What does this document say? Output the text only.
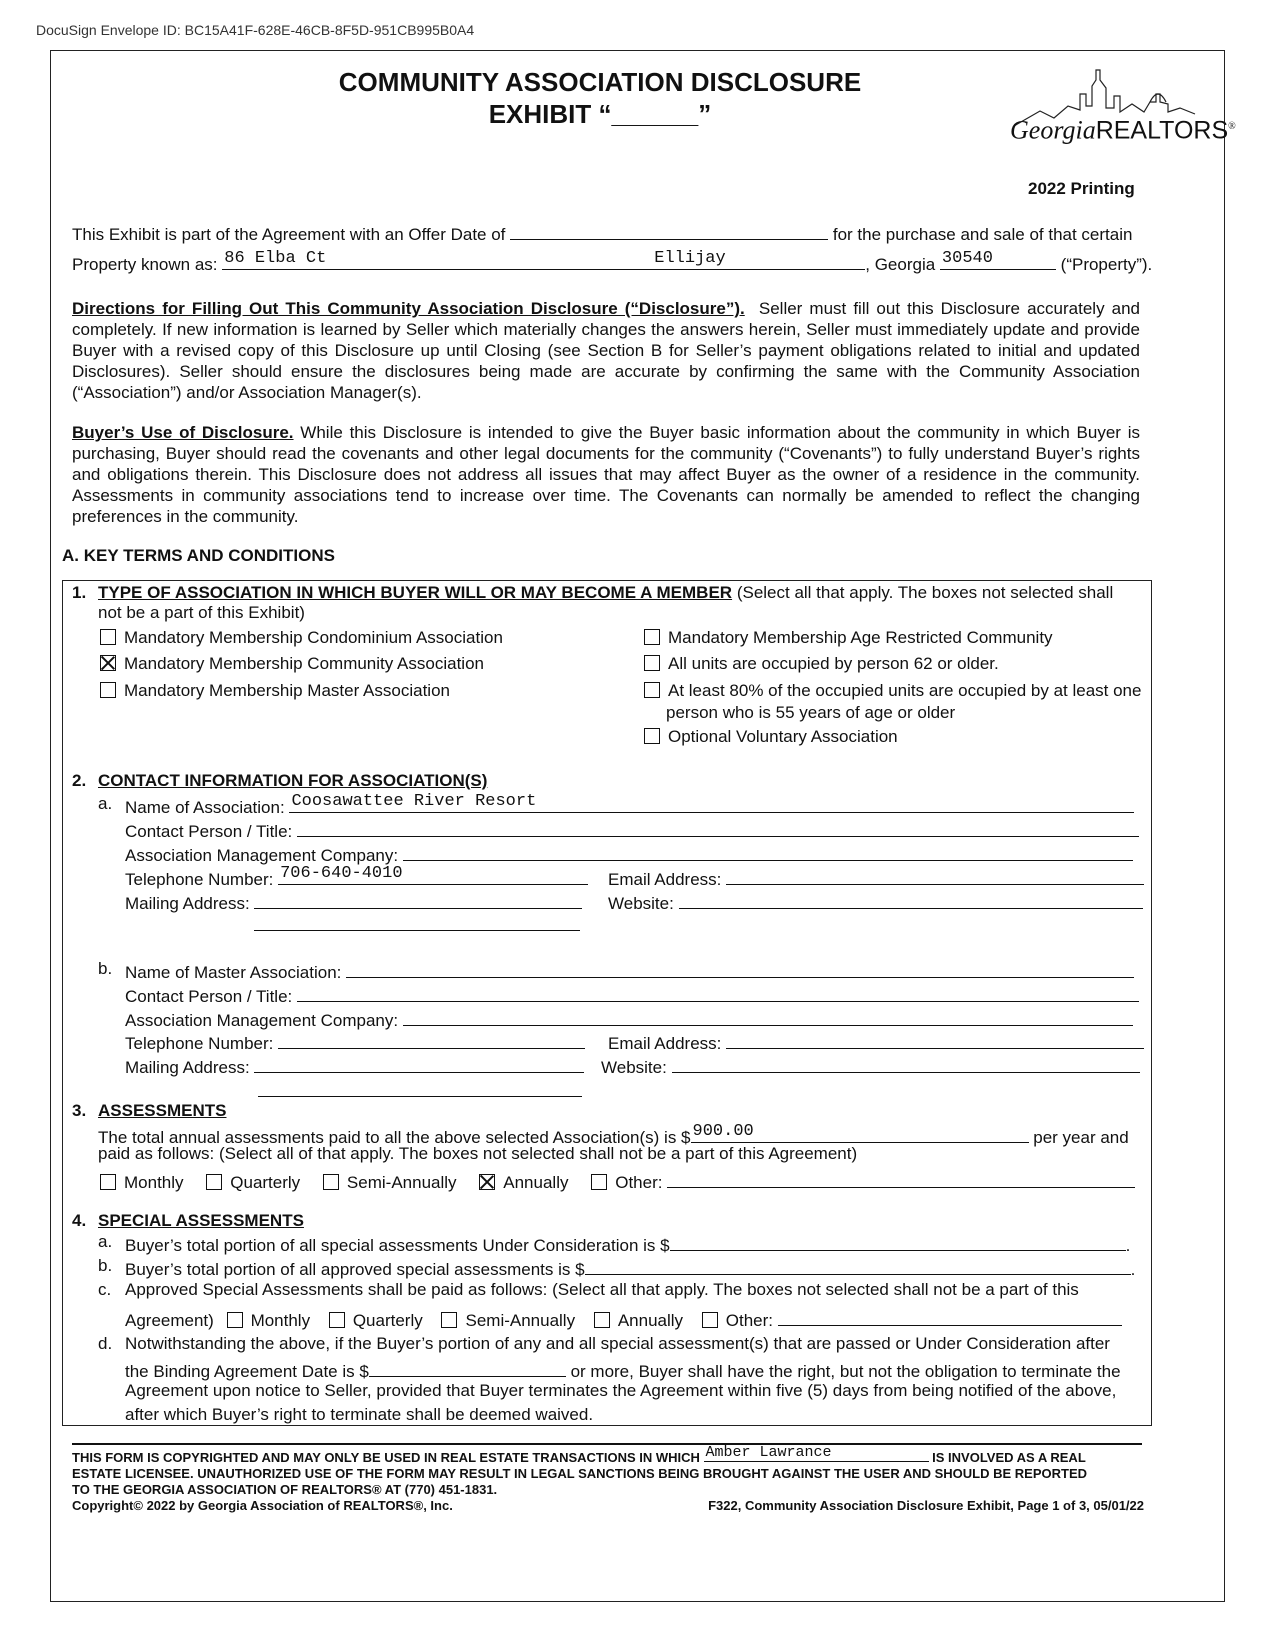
DocuSign Envelope ID: BC15A41F-628E-46CB-8F5D-951CB995B0A4
COMMUNITY ASSOCIATION DISCLOSURE
EXHIBIT “______”
GeorgiaREALTORS®
2022 Printing
This Exhibit is part of the Agreement with an Offer Date of	for the purchase and sale of that certain
Property known as: 86 Elba Ct	Ellijay	, Georgia 30540	(“Property”).
Directions for Filling Out This Community Association Disclosure (“Disclosure”). Seller must fill out this Disclosure accurately and completely. If new information is learned by Seller which materially changes the answers herein, Seller must immediately update and provide Buyer with a revised copy of this Disclosure up until Closing (see Section B for Seller’s payment obligations related to initial and updated Disclosures). Seller should ensure the disclosures being made are accurate by confirming the same with the Community Association (“Association”) and/or Association Manager(s).
Buyer’s Use of Disclosure. While this Disclosure is intended to give the Buyer basic information about the community in which Buyer is purchasing, Buyer should read the covenants and other legal documents for the community (“Covenants”) to fully understand Buyer’s rights and obligations therein. This Disclosure does not address all issues that may affect Buyer as the owner of a residence in the community. Assessments in community associations tend to increase over time. The Covenants can normally be amended to reflect the changing preferences in the community.
A. KEY TERMS AND CONDITIONS
1. TYPE OF ASSOCIATION IN WHICH BUYER WILL OR MAY BECOME A MEMBER (Select all that apply. The boxes not selected shall
not be a part of this Exhibit)
Mandatory Membership Condominium Association
Mandatory Membership Community Association
Mandatory Membership Master Association
Mandatory Membership Age Restricted Community
All units are occupied by person 62 or older.
At least 80% of the occupied units are occupied by at least one
person who is 55 years of age or older
Optional Voluntary Association
2. CONTACT INFORMATION FOR ASSOCIATION(S)
a. Name of Association: Coosawattee River Resort
Contact Person / Title:
Association Management Company:
Telephone Number: 706-640-4010	Email Address:
Mailing Address:	Website:
b. Name of Master Association:
Contact Person / Title:
Association Management Company:
Telephone Number:	Email Address:
Mailing Address:	Website:
3. ASSESSMENTS
The total annual assessments paid to all the above selected Association(s) is $ 900.00	per year and
paid as follows: (Select all of that apply. The boxes not selected shall not be a part of this Agreement)
Monthly	Quarterly	Semi-Annually	Annually	Other:
4. SPECIAL ASSESSMENTS
a. Buyer’s total portion of all special assessments Under Consideration is $	.
b. Buyer’s total portion of all approved special assessments is $	.
c. Approved Special Assessments shall be paid as follows: (Select all that apply. The boxes not selected shall not be a part of this
Agreement) Monthly	Quarterly	Semi-Annually	Annually	Other:
d. Notwithstanding the above, if the Buyer’s portion of any and all special assessment(s) that are passed or Under Consideration after
the Binding Agreement Date is $	or more, Buyer shall have the right, but not the obligation to terminate the
Agreement upon notice to Seller, provided that Buyer terminates the Agreement within five (5) days from being notified of the above,
after which Buyer’s right to terminate shall be deemed waived.
THIS FORM IS COPYRIGHTED AND MAY ONLY BE USED IN REAL ESTATE TRANSACTIONS IN WHICH Amber Lawrance	IS INVOLVED AS A REAL
ESTATE LICENSEE. UNAUTHORIZED USE OF THE FORM MAY RESULT IN LEGAL SANCTIONS BEING BROUGHT AGAINST THE USER AND SHOULD BE REPORTED
TO THE GEORGIA ASSOCIATION OF REALTORS® AT (770) 451-1831.
Copyright© 2022 by Georgia Association of REALTORS®, Inc.	F322, Community Association Disclosure Exhibit, Page 1 of 3, 05/01/22
